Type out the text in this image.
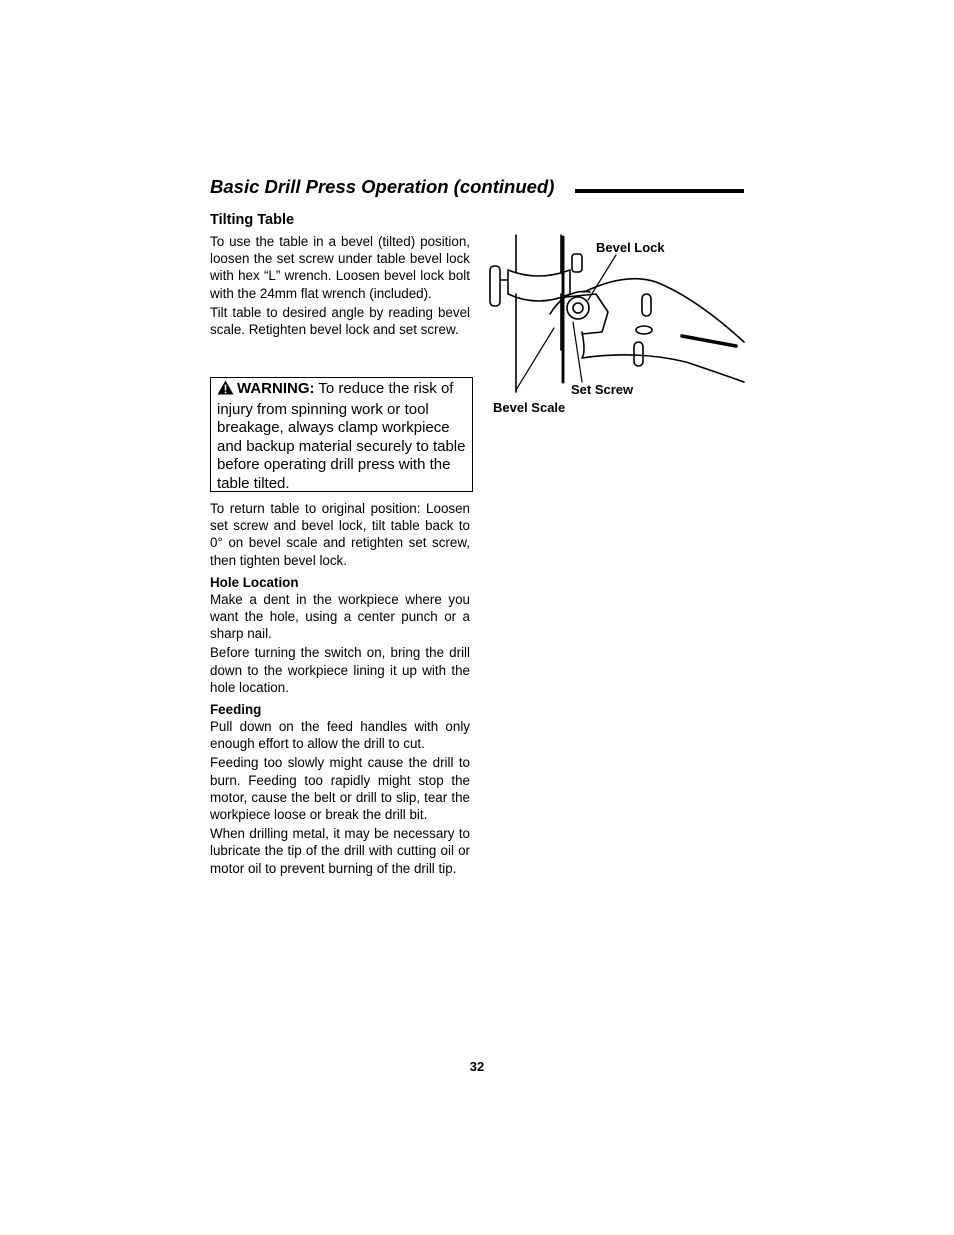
Basic Drill Press Operation (continued)
Tilting Table

To use the table in a bevel (tilted) position, loosen the set screw under table bevel lock with hex “L” wrench. Loosen bevel lock bolt with the 24mm flat wrench (included).

Tilt table to desired angle by reading bevel scale. Retighten bevel lock and set screw.

WARNING: To reduce the risk of injury from spinning work or tool breakage, always clamp workpiece and backup material securely to table before operating drill press with the table tilted.

To return table to original position: Loosen set screw and bevel lock, tilt table back to 0° on bevel scale and retighten set screw, then tighten bevel lock.

Hole Location

Make a dent in the workpiece where you want the hole, using a center punch or a sharp nail.

Before turning the switch on, bring the drill down to the workpiece lining it up with the hole location.

Feeding

Pull down on the feed handles with only enough effort to allow the drill to cut.

Feeding too slowly might cause the drill to burn. Feeding too rapidly might stop the motor, cause the belt or drill to slip, tear the workpiece loose or break the drill bit.

When drilling metal, it may be necessary to lubricate the tip of the drill with cutting oil or motor oil to prevent burning of the drill tip.

Bevel Lock
Set Screw
Bevel Scale
32
